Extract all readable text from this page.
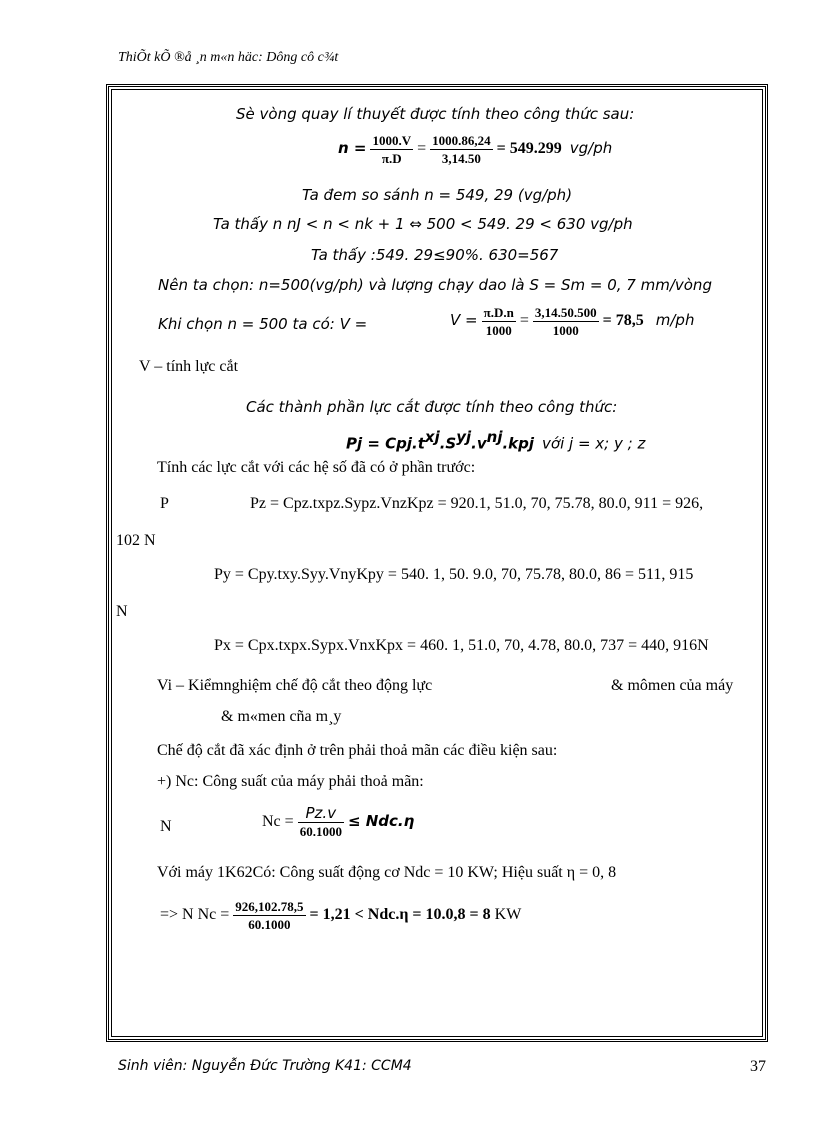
ThiÕt kÕ ®å ¸n m«n häc: Dông cô c¾t
Sè vòng quay lí thuyết được tính theo công thức sau:
$n = \frac{1000.V}{\pi.D} = \frac{1000.86,24}{3,14.50} = 549.299$ vg/ph
Ta đem so sánh n = 549, 29 (vg/ph)
Ta thấy n nJ < n < nk + 1 ⇔ 500 < 549. 29 < 630 vg/ph
Ta thấy :549. 29≤90%. 630=567
Nên ta chọn: n=500(vg/ph) và lượng chạy dao là S = Sm = 0, 7 mm/vòng
Khi chọn n = 500 ta có: V =	$V = \frac{\pi.D.n}{1000} = \frac{3,14.50.500}{1000} = 78,5$ m/ph
V – tính lực cắt
Các thành phần lực cắt được tính theo công thức:
$Pj = Cpj.t^{xj}.S^{yj}.v^{nj}.kpj$ với j = x; y ; z
Tính các lực cắt với các hệ số đã có ở phần trước:
P	Pz = Cpz.txpz.Sypz.VnzKpz = 920.1, 51.0, 70, 75.78, 80.0, 911 = 926,
102 N
Py = Cpy.txy.Syy.VnyKpy = 540. 1, 50. 9.0, 70, 75.78, 80.0, 86 = 511, 915
N
Px = Cpx.txpx.Sypx.VnxKpx = 460. 1, 51.0, 70, 4.78, 80.0, 737 = 440, 916N
Vi – Kiểmnghiệm chế độ cắt theo động lực	& mômen của máy
& m«men cña m¸y
Chế độ cắt đã xác định ở trên phải thoả mãn các điều kiện sau:
+) Nc: Công suất của máy phải thoả mãn:
N	$Nc = \frac{Pz.v}{60.1000} \le Ndc.\eta$
Với máy 1K62Có: Công suất động cơ Ndc = 10 KW; Hiệu suất η = 0, 8
=> N $Nc = \frac{926,102.78,5}{60.1000} = 1,21 < Ndc.\eta = 10.0,8 = 8$ KW
Sinh viên: Nguyễn Đức Trường K41: CCM4	37
